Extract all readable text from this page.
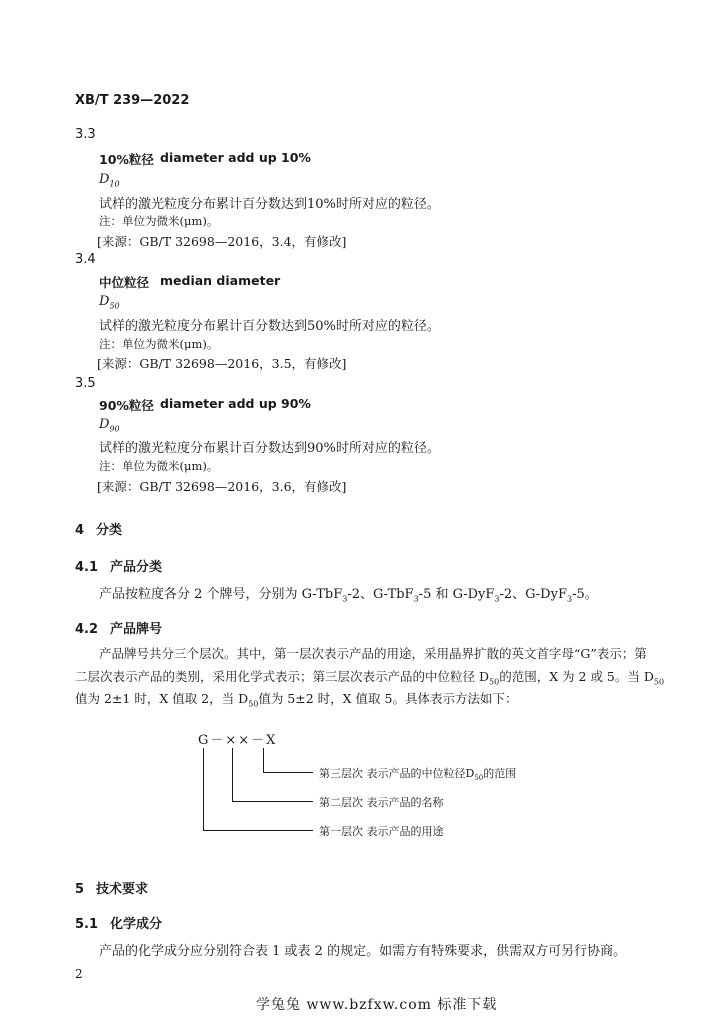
XB/T 239—2022
3.3
10%粒径 diameter add up 10%
$D_{10}$
试样的激光粒度分布累计百分数达到10%时所对应的粒径。
注：单位为微米(μm)。
[来源：GB/T 32698—2016，3.4，有修改]
3.4
中位粒径 median diameter
$D_{50}$
试样的激光粒度分布累计百分数达到50%时所对应的粒径。
注：单位为微米(μm)。
[来源：GB/T 32698—2016，3.5，有修改]
3.5
90%粒径 diameter add up 90%
$D_{90}$
试样的激光粒度分布累计百分数达到90%时所对应的粒径。
注：单位为微米(μm)。
[来源：GB/T 32698—2016，3.6，有修改]
4 分类
4.1 产品分类
产品按粒度各分 2 个牌号，分别为 G-TbF$_3$-2、G-TbF$_3$-5 和 G-DyF$_3$-2、G-DyF$_3$-5。
4.2 产品牌号
产品牌号共分三个层次。其中，第一层次表示产品的用途，采用晶界扩散的英文首字母“G”表示；第
二层次表示产品的类别，采用化学式表示；第三层次表示产品的中位粒径 $D_{50}$的范围，X 为 2 或 5。当 $D_{50}$
值为 2±1 时，X 值取 2，当 $D_{50}$值为 5±2 时，X 值取 5。具体表示方法如下：
G－××－X
第三层次 表示产品的中位粒径$D_{50}$的范围
第二层次 表示产品的名称
第一层次 表示产品的用途
5 技术要求
5.1 化学成分
产品的化学成分应分别符合表 1 或表 2 的规定。如需方有特殊要求，供需双方可另行协商。
2
学兔兔 www.bzfxw.com 标准下载
